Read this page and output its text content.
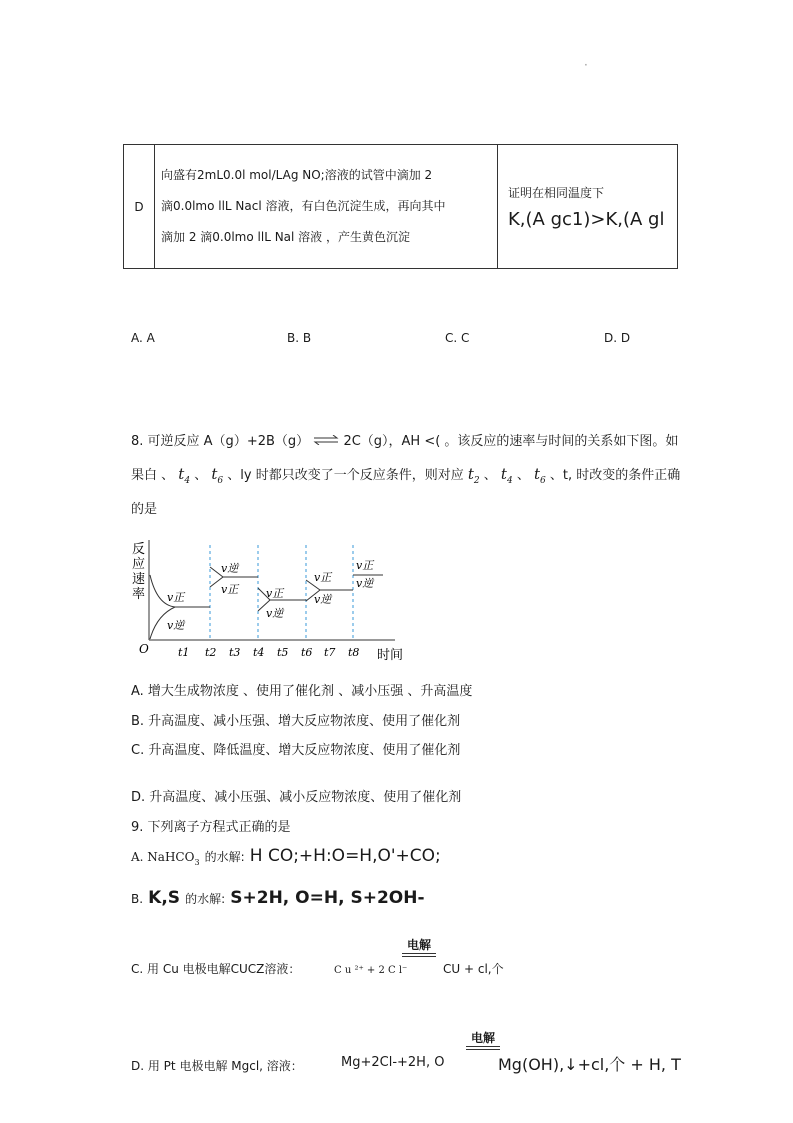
·
D	
向盛有2mL0.0l mol/LAg NO;溶液的试管中滴加 2
滴0.0lmo llL Nacl 溶液，有白色沉淀生成，再向其中
滴加 2 滴0.0lmo llL Nal 溶液 ，产生黄色沉淀

证明在相同温度下
K,(A gc1)>K,(A gl
A. A	B. B	C. C	D. D
8. 可逆反应 A（g）+2B（g） ⇌ 2C（g），AH <( 。该反应的速率与时间的关系如下图。如
果白 、 $t_4$ 、 $t_6$ 、ly 时都只改变了一个反应条件，则对应 $t_2$ 、 $t_4$ 、 $t_6$ 、t, 时改变的条件正确
的是
反
应
速
率
O	时间
v正
v逆
v逆
v正	v正
v逆
v正
v逆
v正
v逆
t1 t2 t3 t4 t5 t6 t7 t8
A. 增大生成物浓度 、使用了催化剂 、减小压强 、升高温度
B. 升高温度、减小压强、增大反应物浓度、使用了催化剂
C. 升高温度、降低温度、增大反应物浓度、使用了催化剂
D. 升高温度、减小压强、减小反应物浓度、使用了催化剂
9. 下列离子方程式正确的是
A. NaHCO$_3$ 的水解: H CO;+H:O=H,O'+CO;
B. K,S 的水解: S+2H, O=H, S+2OH-
C. 用 Cu 电极电解CUCZ溶液：	C u ²⁺ + 2 C l⁻
电解
CU + cl,个
D. 用 Pt 电极电解 Mgcl, 溶液：	Mg+2Cl-+2H, O
电解
Mg(OH),↓+cl,个 + H, T
